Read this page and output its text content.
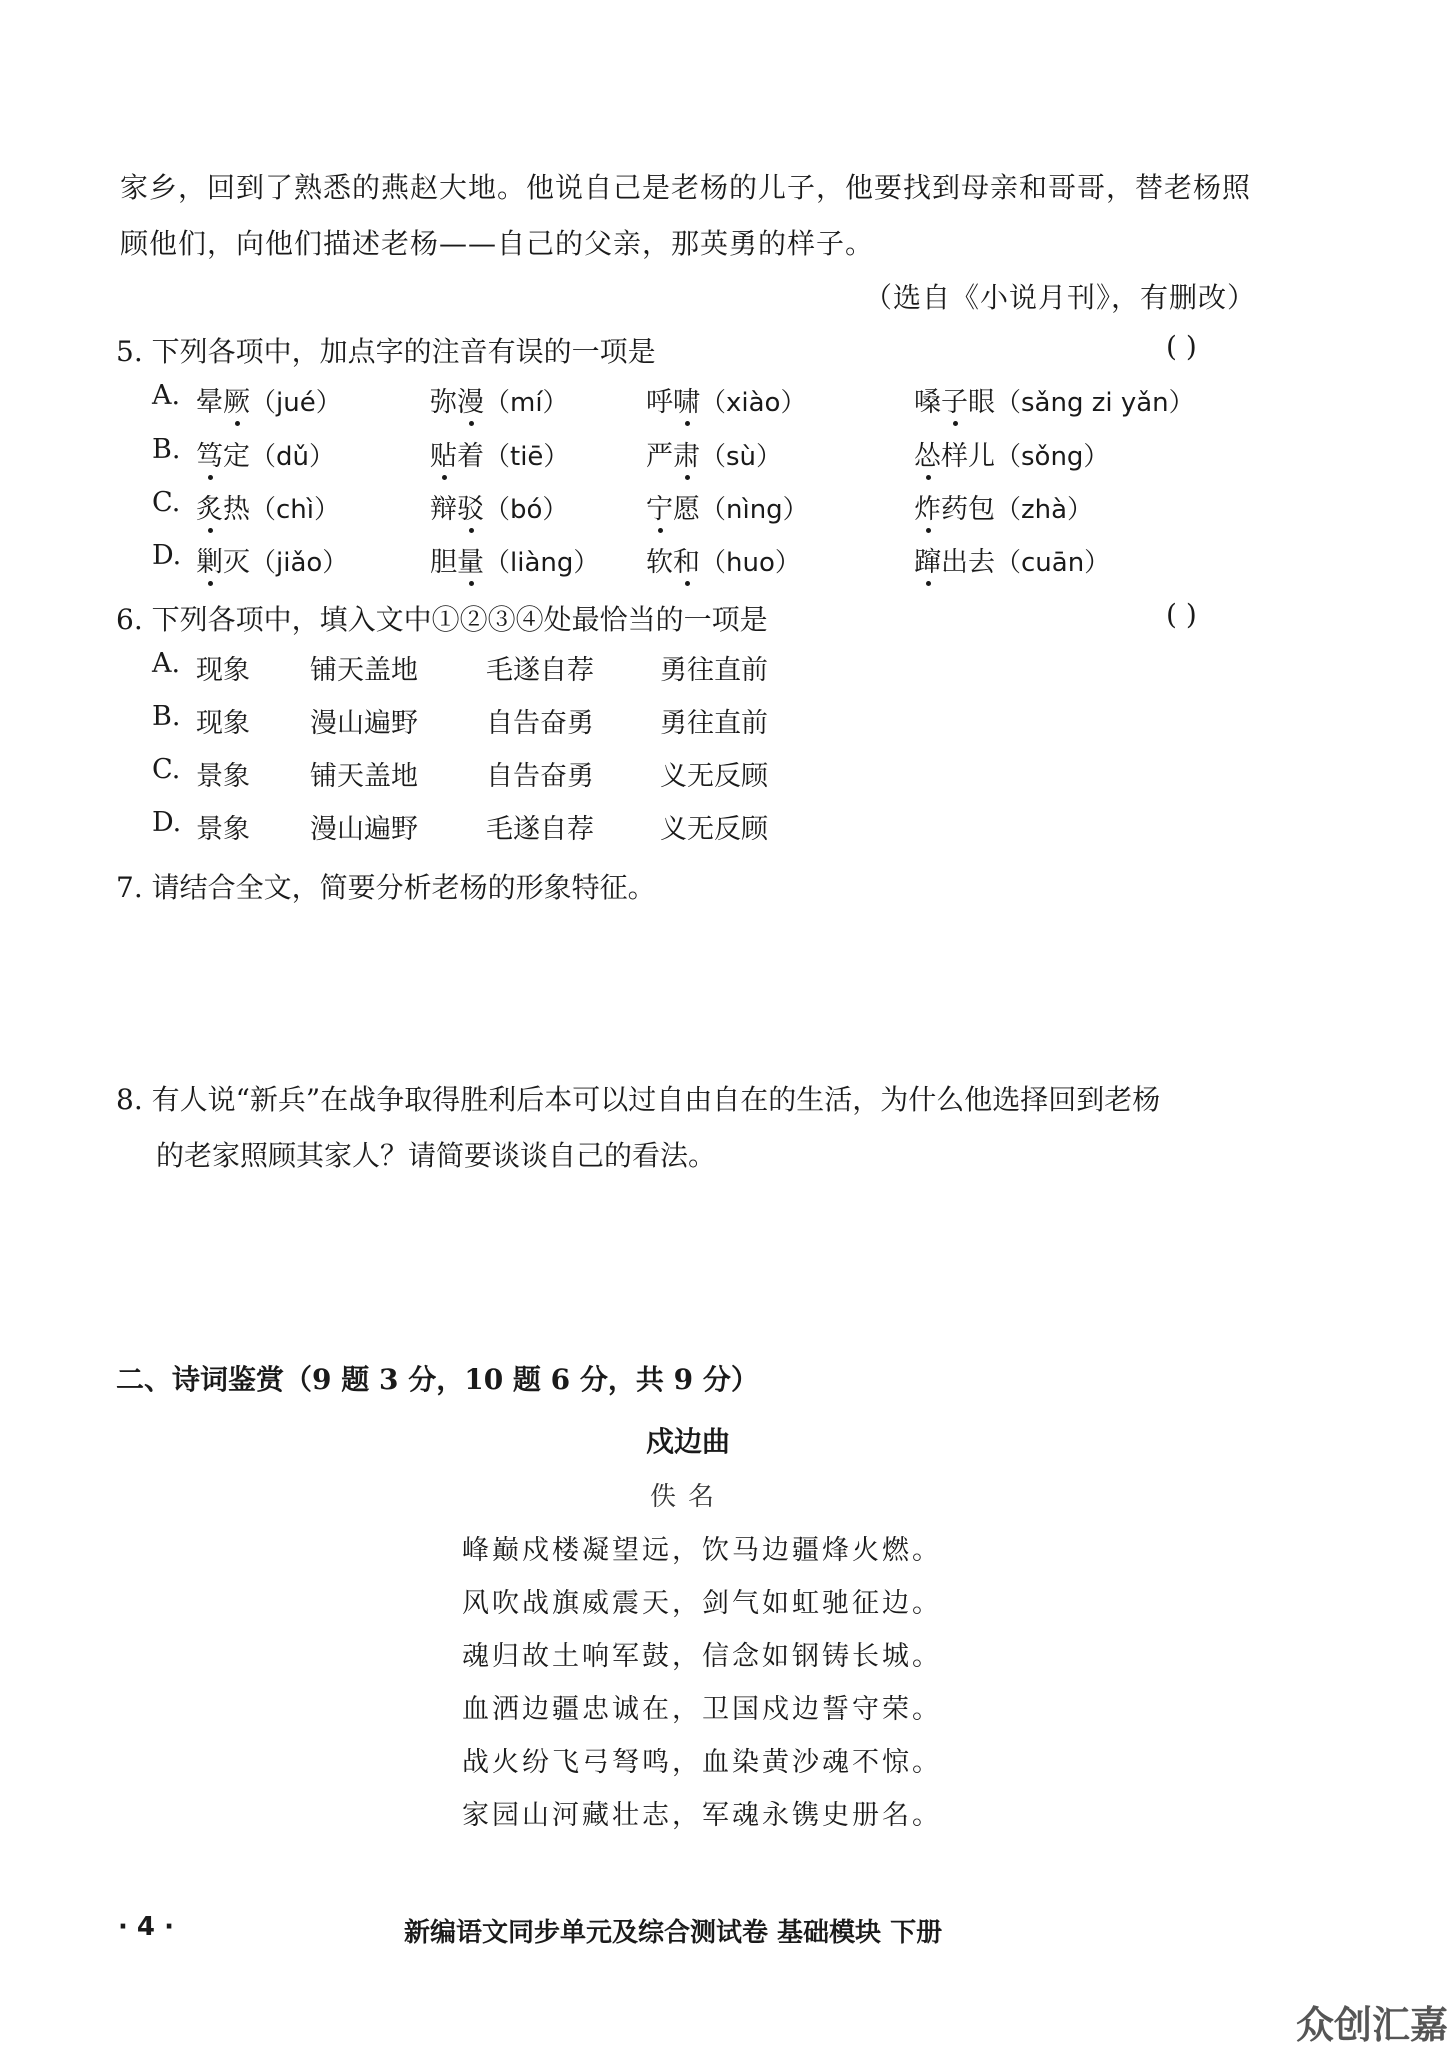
家乡，回到了熟悉的燕赵大地。他说自己是老杨的儿子，他要找到母亲和哥哥，替老杨照
顾他们，向他们描述老杨——自己的父亲，那英勇的样子。
（选自《小说月刊》，有删改）
5. 下列各项中，加点字的注音有误的一项是	( )
A. 晕厥（jué）	弥漫（mí）	呼啸（xiào）	嗓子眼（sǎng zi yǎn）
B. 笃定（dǔ）	贴着（tiē）	严肃（sù）	怂样儿（sǒng）
C. 炙热（chì）	辩驳（bó）	宁愿（nìng）	炸药包（zhà）
D. 剿灭（jiǎo）	胆量（liàng） 软和（huo）	蹿出去（cuān）
6. 下列各项中，填入文中①②③④处最恰当的一项是	( )
A. 现象 铺天盖地	毛遂自荐 勇往直前
B. 现象 漫山遍野	自告奋勇 勇往直前
C. 景象 铺天盖地	自告奋勇 义无反顾
D. 景象 漫山遍野	毛遂自荐 义无反顾
7. 请结合全文，简要分析老杨的形象特征。
8. 有人说“新兵”在战争取得胜利后本可以过自由自在的生活，为什么他选择回到老杨
的老家照顾其家人？请简要谈谈自己的看法。
二、诗词鉴赏（9 题 3 分，10 题 6 分，共 9 分）
戍边曲
佚名
峰巅戍楼凝望远，饮马边疆烽火燃。
风吹战旗威震天，剑气如虹驰征边。
魂归故土响军鼓，信念如钢铸长城。
血洒边疆忠诚在，卫国戍边誓守荣。
战火纷飞弓弩鸣，血染黄沙魂不惊。
家园山河藏壮志，军魂永镌史册名。
· 4 ·	新编语文同步单元及综合测试卷 基础模块 下册
众创汇嘉
